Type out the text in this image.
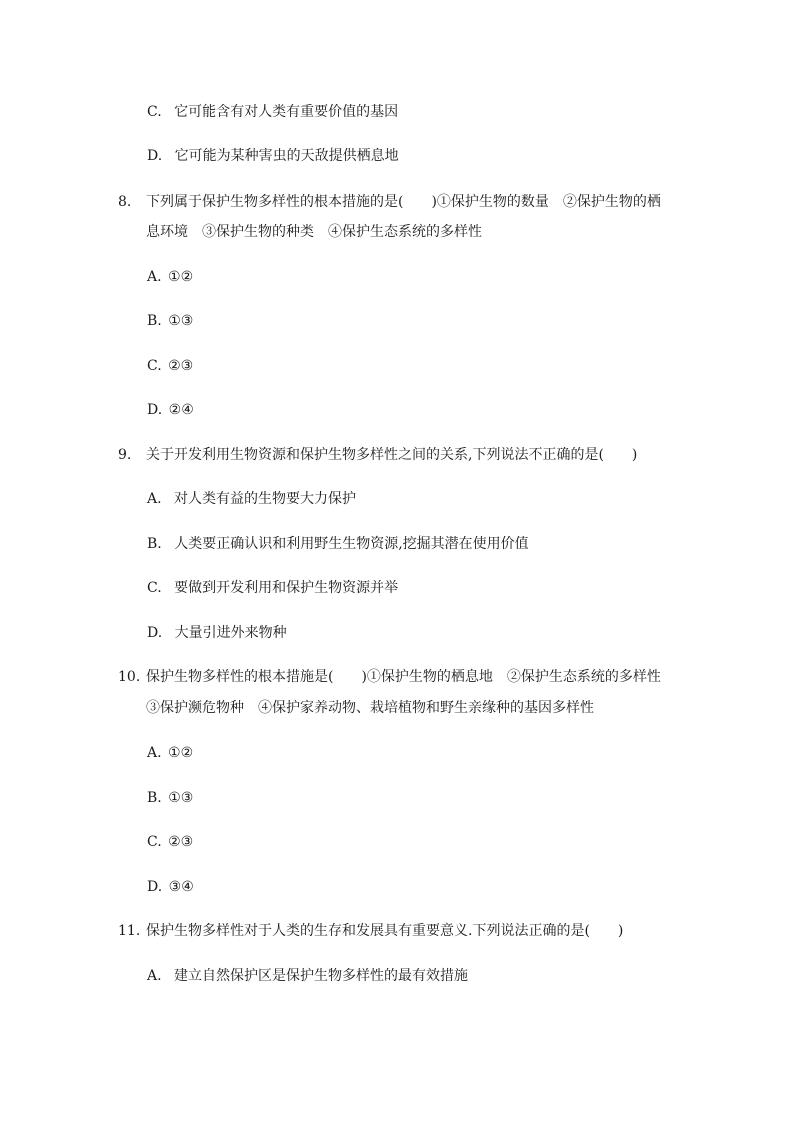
C. 它可能含有对人类有重要价值的基因
D. 它可能为某种害虫的天敌提供栖息地
8. 下列属于保护生物多样性的根本措施的是(　　)①保护生物的数量　②保护生物的栖
息环境　③保护生物的种类　④保护生态系统的多样性
A. ①②
B. ①③
C. ②③
D. ②④
9. 关于开发利用生物资源和保护生物多样性之间的关系,下列说法不正确的是(　　)
A. 对人类有益的生物要大力保护
B. 人类要正确认识和利用野生生物资源,挖掘其潜在使用价值
C. 要做到开发利用和保护生物资源并举
D. 大量引进外来物种
10. 保护生物多样性的根本措施是(　　)①保护生物的栖息地　②保护生态系统的多样性
③保护濒危物种　④保护家养动物、栽培植物和野生亲缘种的基因多样性
A. ①②
B. ①③
C. ②③
D. ③④
11. 保护生物多样性对于人类的生存和发展具有重要意义.下列说法正确的是(　　)
A. 建立自然保护区是保护生物多样性的最有效措施
